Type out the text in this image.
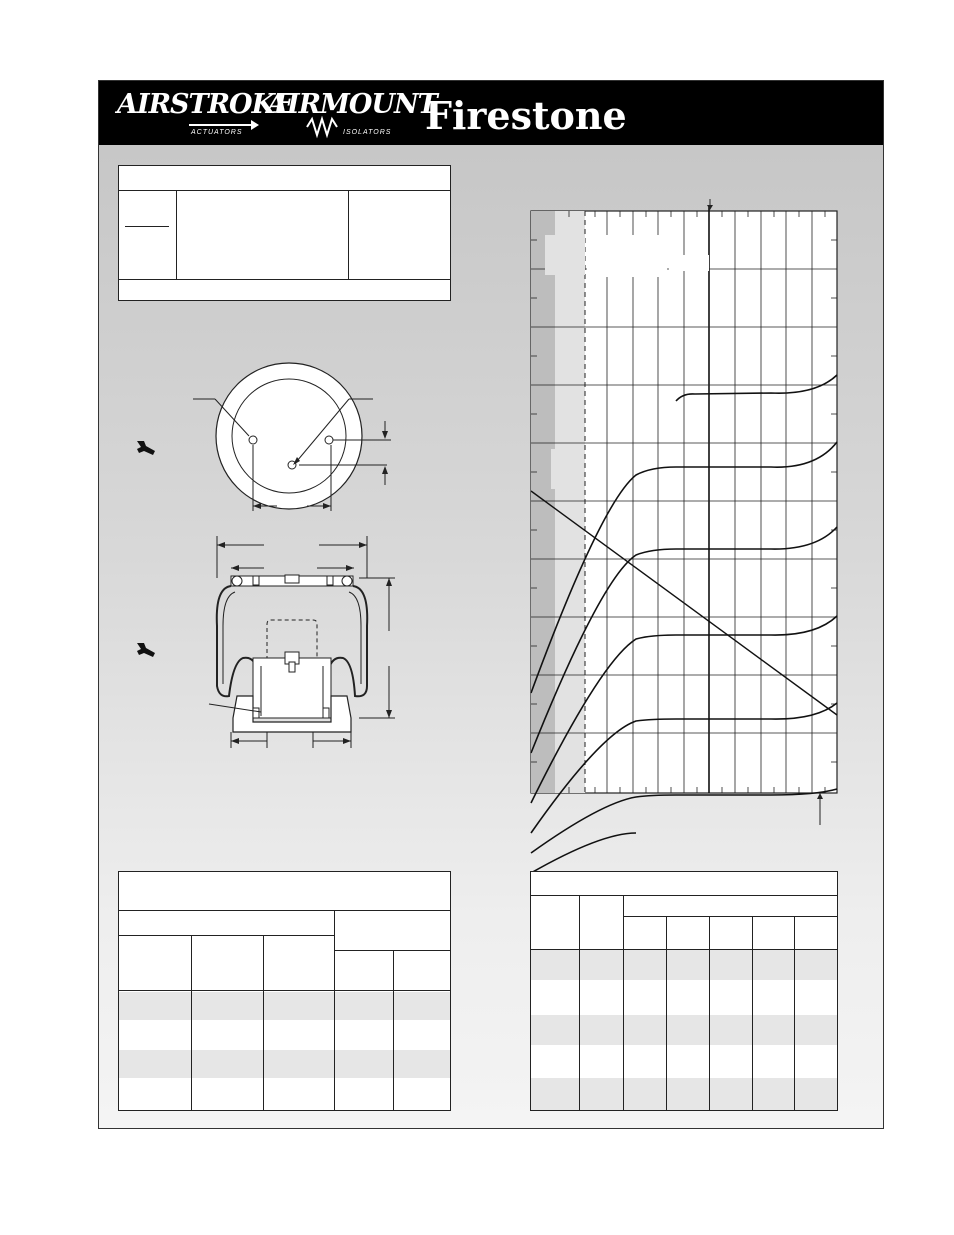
AIRSTROKE
ACTUATORS
AIRMOUNT
ISOLATORS Firestone
